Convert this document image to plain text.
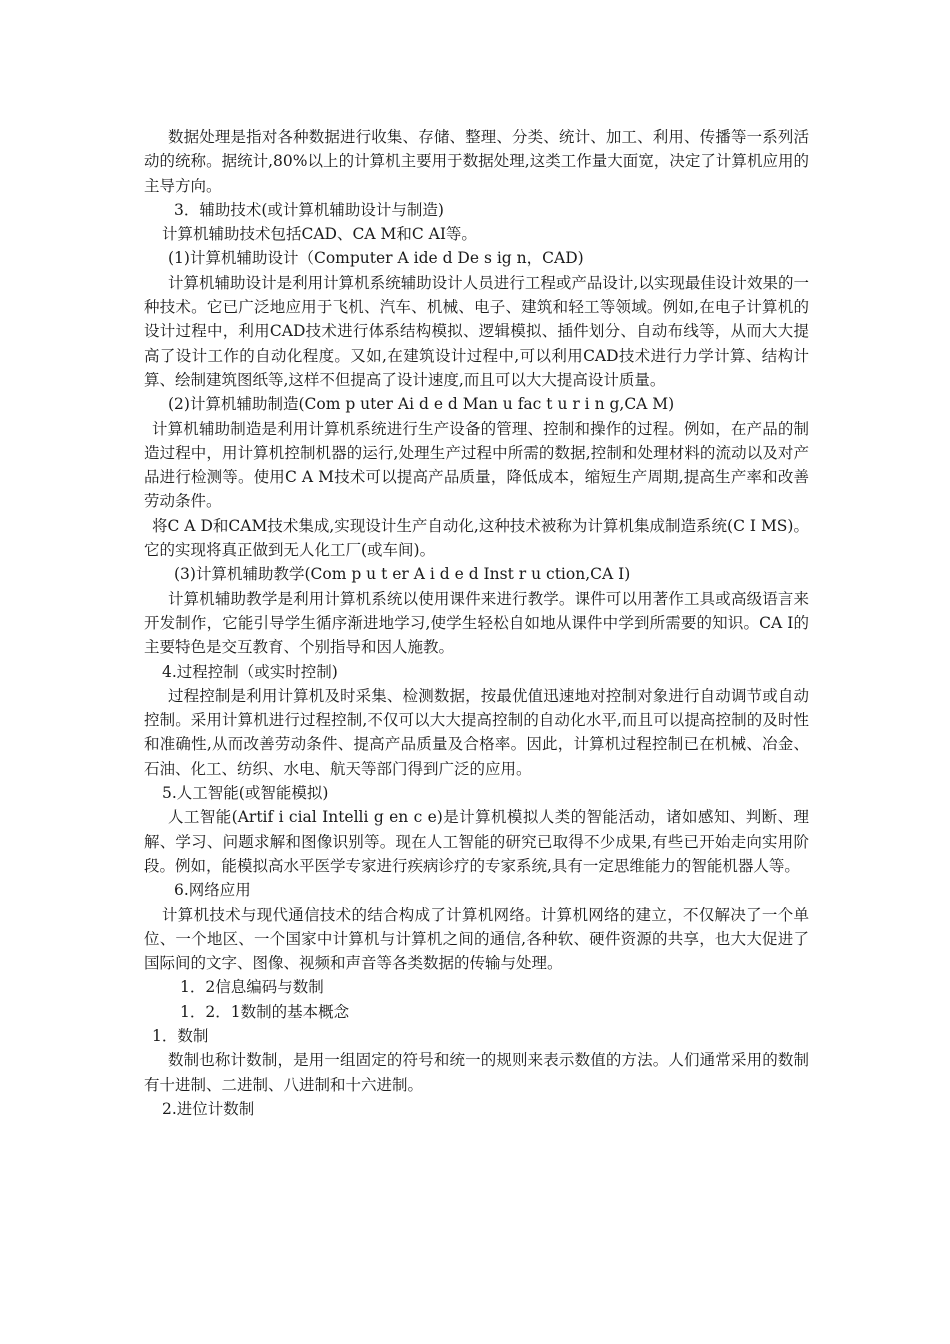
数据处理是指对各种数据进行收集、存储、整理、分类、统计、加工、利用、传播等一系列活动的统称。据统计,80%以上的计算机主要用于数据处理,这类工作量大面宽，决定了计算机应用的主导方向。

3．辅助技术(或计算机辅助设计与制造)

计算机辅助技术包括CAD、CA M和C AI等。

(1)计算机辅助设计（Computer A ide d De s ig n，CAD)

计算机辅助设计是利用计算机系统辅助设计人员进行工程或产品设计,以实现最佳设计效果的一种技术。它已广泛地应用于飞机、汽车、机械、电子、建筑和轻工等领域。例如,在电子计算机的设计过程中，利用CAD技术进行体系结构模拟、逻辑模拟、插件划分、自动布线等，从而大大提高了设计工作的自动化程度。又如,在建筑设计过程中,可以利用CAD技术进行力学计算、结构计算、绘制建筑图纸等,这样不但提高了设计速度,而且可以大大提高设计质量。

(2)计算机辅助制造(Com p uter Ai d e d Man u fac t u r i n g,CA M)

计算机辅助制造是利用计算机系统进行生产设备的管理、控制和操作的过程。例如，在产品的制造过程中，用计算机控制机器的运行,处理生产过程中所需的数据,控制和处理材料的流动以及对产品进行检测等。使用C A M技术可以提高产品质量，降低成本，缩短生产周期,提高生产率和改善劳动条件。

将C A D和CAM技术集成,实现设计生产自动化,这种技术被称为计算机集成制造系统(C I MS)。它的实现将真正做到无人化工厂(或车间)。

(3)计算机辅助教学(Com p u t er A i d e d Inst r u ction,CA I)

计算机辅助教学是利用计算机系统以使用课件来进行教学。课件可以用著作工具或高级语言来开发制作，它能引导学生循序渐进地学习,使学生轻松自如地从课件中学到所需要的知识。CA I的主要特色是交互教育、个别指导和因人施教。

4.过程控制（或实时控制)

过程控制是利用计算机及时采集、检测数据，按最优值迅速地对控制对象进行自动调节或自动控制。采用计算机进行过程控制,不仅可以大大提高控制的自动化水平,而且可以提高控制的及时性和准确性,从而改善劳动条件、提高产品质量及合格率。因此，计算机过程控制已在机械、冶金、石油、化工、纺织、水电、航天等部门得到广泛的应用。

5.人工智能(或智能模拟)

人工智能(Artif i cial Intelli g en c e)是计算机模拟人类的智能活动，诸如感知、判断、理解、学习、问题求解和图像识别等。现在人工智能的研究已取得不少成果,有些已开始走向实用阶段。例如，能模拟高水平医学专家进行疾病诊疗的专家系统,具有一定思维能力的智能机器人等。

6.网络应用

计算机技术与现代通信技术的结合构成了计算机网络。计算机网络的建立，不仅解决了一个单位、一个地区、一个国家中计算机与计算机之间的通信,各种软、硬件资源的共享，也大大促进了国际间的文字、图像、视频和声音等各类数据的传输与处理。

1．2信息编码与数制

1．2．1数制的基本概念

1．数制

数制也称计数制，是用一组固定的符号和统一的规则来表示数值的方法。人们通常采用的数制有十进制、二进制、八进制和十六进制。

2.进位计数制
